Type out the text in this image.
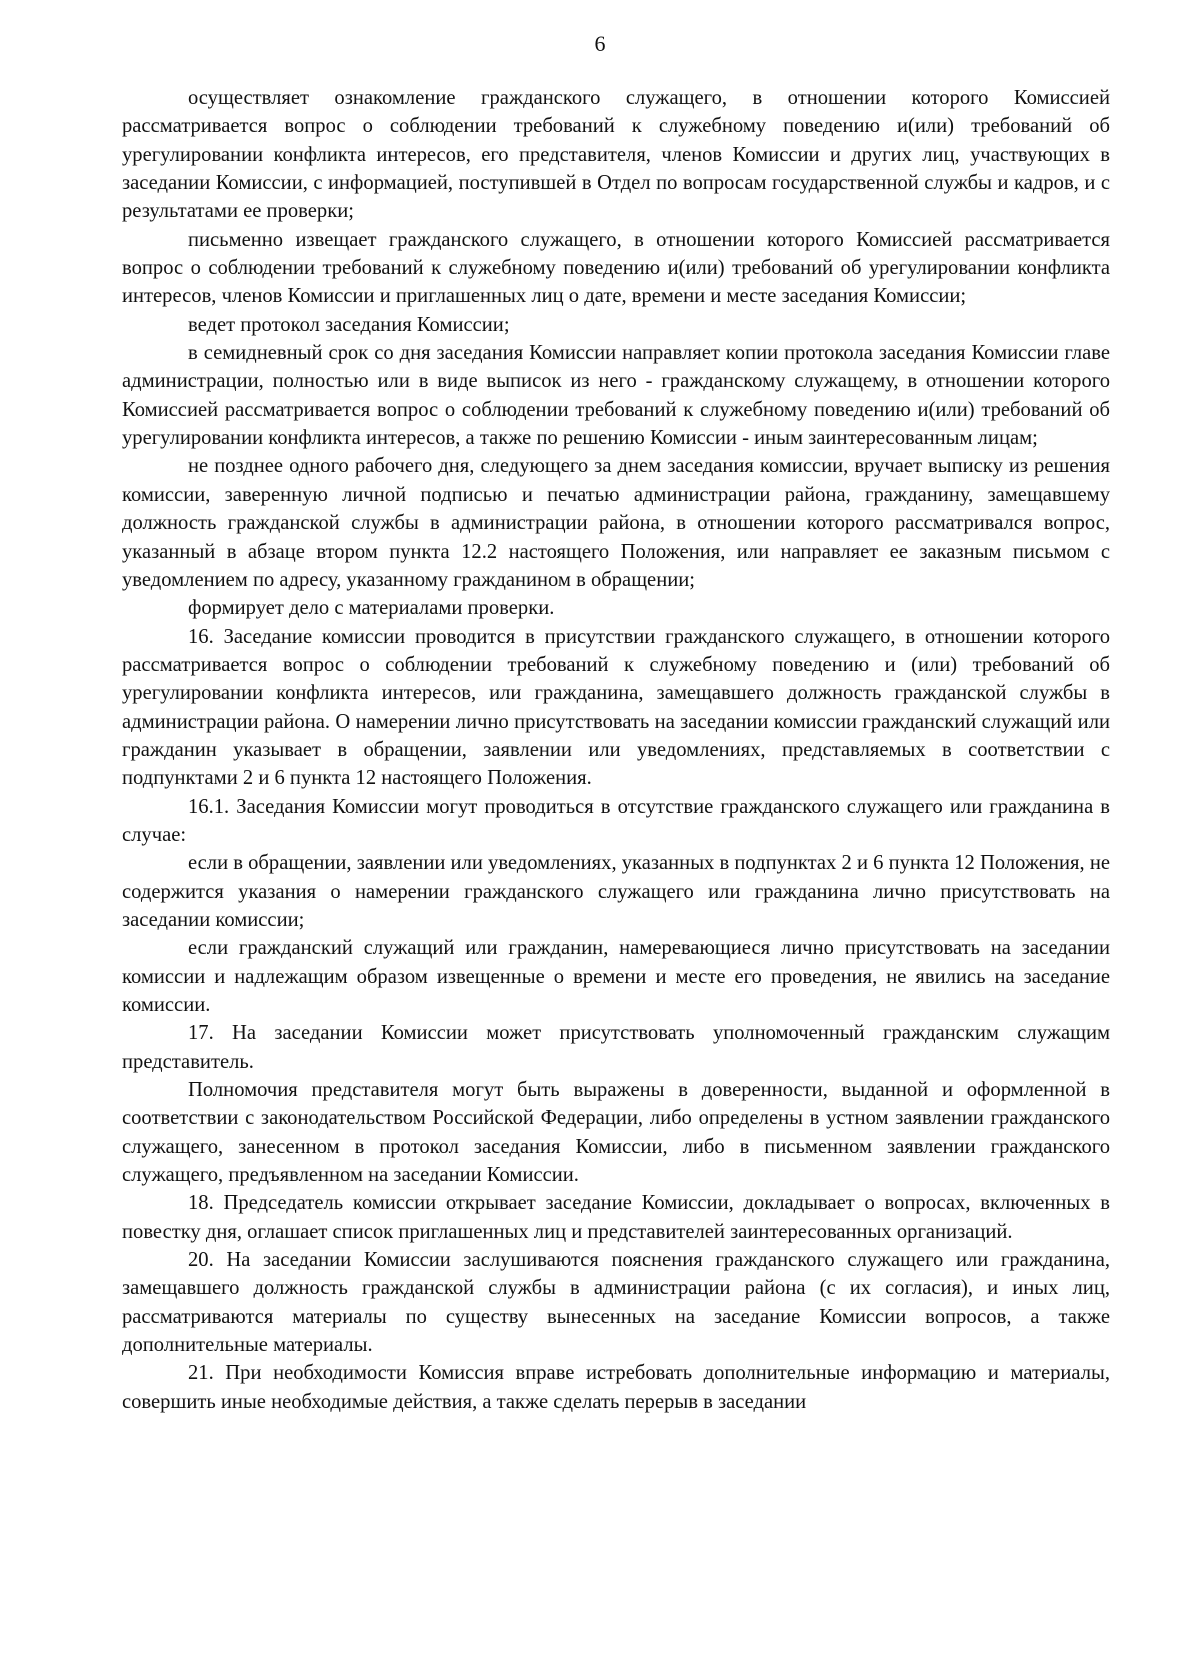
6

осуществляет ознакомление гражданского служащего, в отношении которого Комиссией рассматривается вопрос о соблюдении требований к служебному поведению и(или) требований об урегулировании конфликта интересов, его представителя, членов Комиссии и других лиц, участвующих в заседании Комиссии, с информацией, поступившей в Отдел по вопросам государственной службы и кадров, и с результатами ее проверки;

письменно извещает гражданского служащего, в отношении которого Комиссией рассматривается вопрос о соблюдении требований к служебному поведению и(или) требований об урегулировании конфликта интересов, членов Комиссии и приглашенных лиц о дате, времени и месте заседания Комиссии;

ведет протокол заседания Комиссии;

в семидневный срок со дня заседания Комиссии направляет копии протокола заседания Комиссии главе администрации, полностью или в виде выписок из него - гражданскому служащему, в отношении которого Комиссией рассматривается вопрос о соблюдении требований к служебному поведению и(или) требований об урегулировании конфликта интересов, а также по решению Комиссии - иным заинтересованным лицам;

не позднее одного рабочего дня, следующего за днем заседания комиссии, вручает выписку из решения комиссии, заверенную личной подписью и печатью администрации района, гражданину, замещавшему должность гражданской службы в администрации района, в отношении которого рассматривался вопрос, указанный в абзаце втором пункта 12.2 настоящего Положения, или направляет ее заказным письмом с уведомлением по адресу, указанному гражданином в обращении;

формирует дело с материалами проверки.

16. Заседание комиссии проводится в присутствии гражданского служащего, в отношении которого рассматривается вопрос о соблюдении требований к служебному поведению и (или) требований об урегулировании конфликта интересов, или гражданина, замещавшего должность гражданской службы в администрации района. О намерении лично присутствовать на заседании комиссии гражданский служащий или гражданин указывает в обращении, заявлении или уведомлениях, представляемых в соответствии с подпунктами 2 и 6 пункта 12 настоящего Положения.

16.1. Заседания Комиссии могут проводиться в отсутствие гражданского служащего или гражданина в случае:

если в обращении, заявлении или уведомлениях, указанных в подпунктах 2 и 6 пункта 12 Положения, не содержится указания о намерении гражданского служащего или гражданина лично присутствовать на заседании комиссии;

если гражданский служащий или гражданин, намеревающиеся лично присутствовать на заседании комиссии и надлежащим образом извещенные о времени и месте его проведения, не явились на заседание комиссии.

17. На заседании Комиссии может присутствовать уполномоченный гражданским служащим представитель.

Полномочия представителя могут быть выражены в доверенности, выданной и оформленной в соответствии с законодательством Российской Федерации, либо определены в устном заявлении гражданского служащего, занесенном в протокол заседания Комиссии, либо в письменном заявлении гражданского служащего, предъявленном на заседании Комиссии.

18. Председатель комиссии открывает заседание Комиссии, докладывает о вопросах, включенных в повестку дня, оглашает список приглашенных лиц и представителей заинтересованных организаций.

20. На заседании Комиссии заслушиваются пояснения гражданского служащего или гражданина, замещавшего должность гражданской службы в администрации района (с их согласия), и иных лиц, рассматриваются материалы по существу вынесенных на заседание Комиссии вопросов, а также дополнительные материалы.

21. При необходимости Комиссия вправе истребовать дополнительные информацию и материалы, совершить иные необходимые действия, а также сделать перерыв в заседании
